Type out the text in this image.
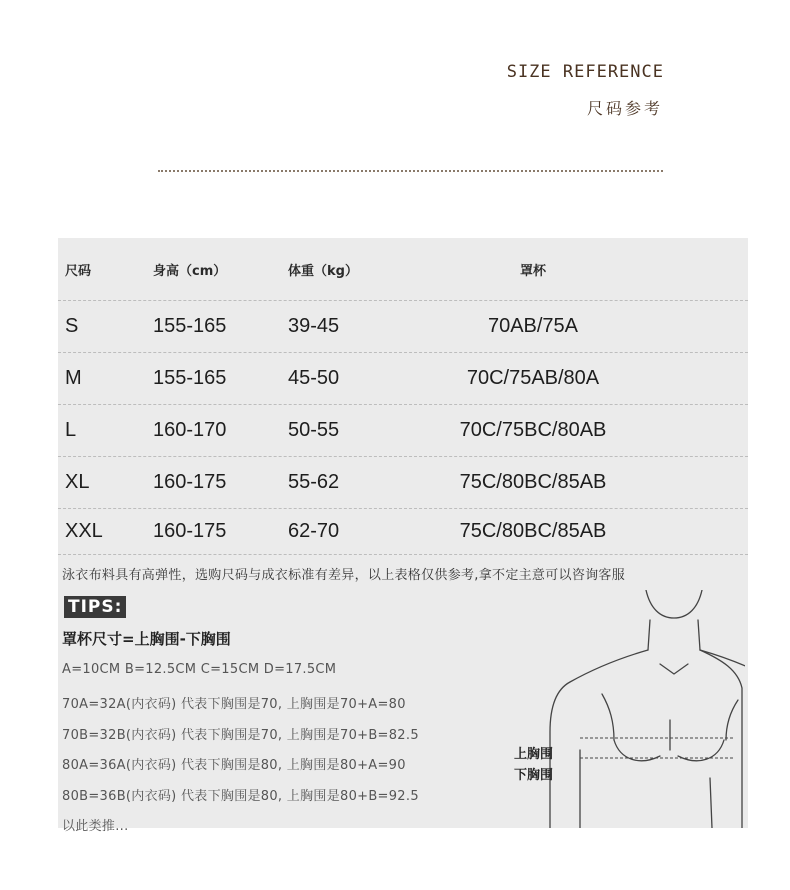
SIZE REFERENCE
尺码参考
尺码	身高（cm）	体重（kg）	罩杯
S	155-165	39-45	70AB/75A
M	155-165	45-50	70C/75AB/80A
L	160-170	50-55	70C/75BC/80AB
XL	160-175	55-62	75C/80BC/85AB
XXL	160-175	62-70	75C/80BC/85AB
泳衣布料具有高弹性，选购尺码与成衣标准有差异，以上表格仅供参考,拿不定主意可以咨询客服
TIPS:
罩杯尺寸=上胸围-下胸围
A=10CM B=12.5CM C=15CM D=17.5CM
70A=32A(内衣码) 代表下胸围是70, 上胸围是70+A=80
70B=32B(内衣码) 代表下胸围是70, 上胸围是70+B=82.5
80A=36A(内衣码) 代表下胸围是80, 上胸围是80+A=90
80B=36B(内衣码) 代表下胸围是80, 上胸围是80+B=92.5
以此类推...
上胸围
下胸围
